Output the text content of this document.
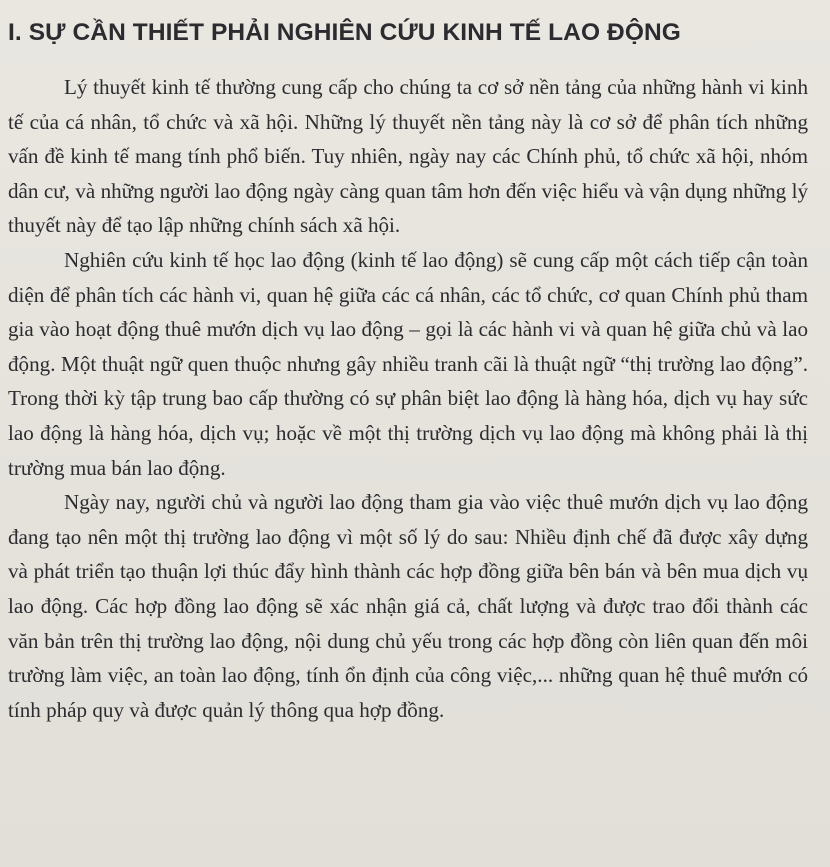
I. SỰ CẦN THIẾT PHẢI NGHIÊN CỨU KINH TẾ LAO ĐỘNG

Lý thuyết kinh tế thường cung cấp cho chúng ta cơ sở nền tảng của những hành vi kinh tế của cá nhân, tổ chức và xã hội. Những lý thuyết nền tảng này là cơ sở để phân tích những vấn đề kinh tế mang tính phổ biến. Tuy nhiên, ngày nay các Chính phủ, tổ chức xã hội, nhóm dân cư, và những người lao động ngày càng quan tâm hơn đến việc hiểu và vận dụng những lý thuyết này để tạo lập những chính sách xã hội.

Nghiên cứu kinh tế học lao động (kinh tế lao động) sẽ cung cấp một cách tiếp cận toàn diện để phân tích các hành vi, quan hệ giữa các cá nhân, các tổ chức, cơ quan Chính phủ tham gia vào hoạt động thuê mướn dịch vụ lao động – gọi là các hành vi và quan hệ giữa chủ và lao động. Một thuật ngữ quen thuộc nhưng gây nhiều tranh cãi là thuật ngữ “thị trường lao động”. Trong thời kỳ tập trung bao cấp thường có sự phân biệt lao động là hàng hóa, dịch vụ hay sức lao động là hàng hóa, dịch vụ; hoặc về một thị trường dịch vụ lao động mà không phải là thị trường mua bán lao động.

Ngày nay, người chủ và người lao động tham gia vào việc thuê mướn dịch vụ lao động đang tạo nên một thị trường lao động vì một số lý do sau: Nhiều định chế đã được xây dựng và phát triển tạo thuận lợi thúc đẩy hình thành các hợp đồng giữa bên bán và bên mua dịch vụ lao động. Các hợp đồng lao động sẽ xác nhận giá cả, chất lượng và được trao đổi thành các văn bản trên thị trường lao động, nội dung chủ yếu trong các hợp đồng còn liên quan đến môi trường làm việc, an toàn lao động, tính ổn định của công việc,... những quan hệ thuê mướn có tính pháp quy và được quản lý thông qua hợp đồng.
